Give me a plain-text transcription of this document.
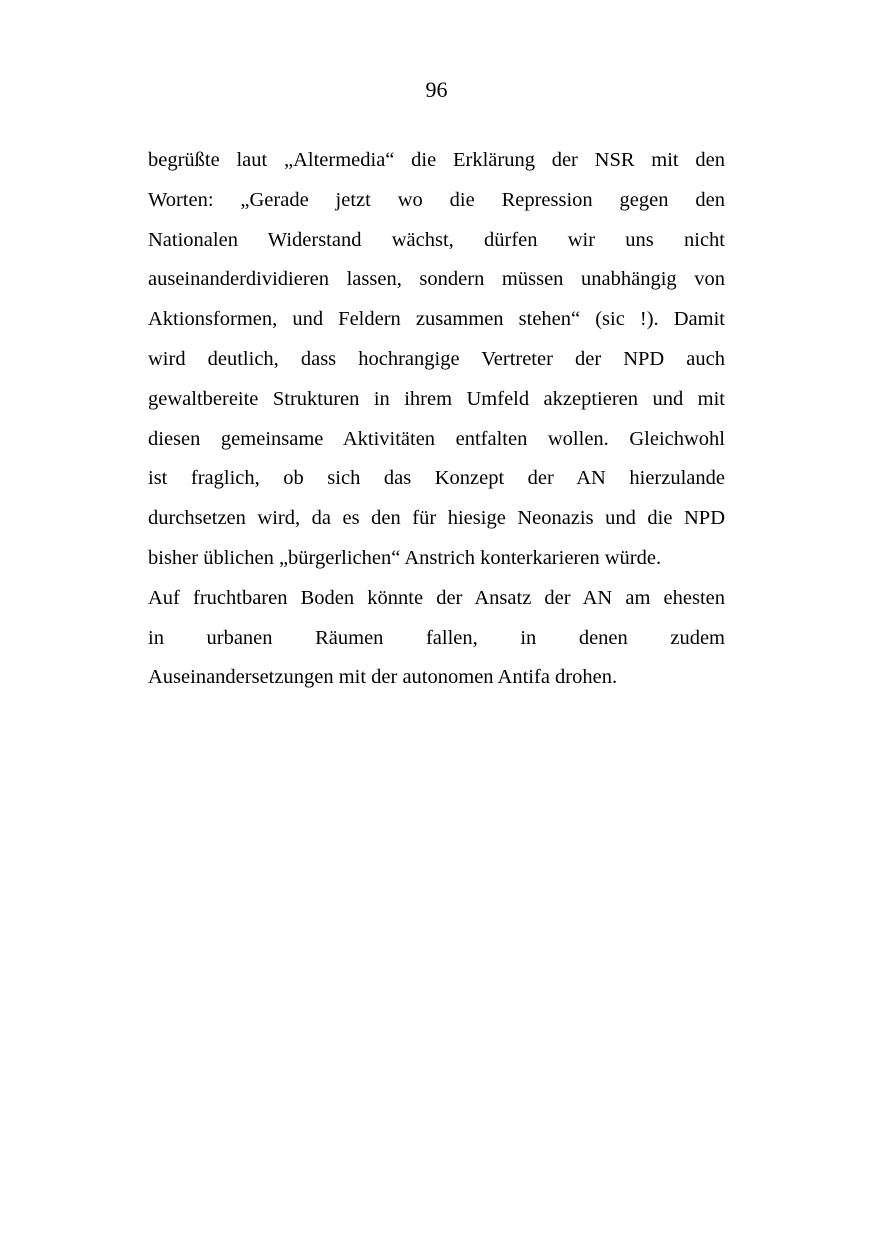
96
begrüßte laut „Altermedia“ die Erklärung der NSR mit den
Worten: „Gerade jetzt wo die Repression gegen den
Nationalen Widerstand wächst, dürfen wir uns nicht
auseinanderdividieren lassen, sondern müssen unabhängig von
Aktionsformen, und Feldern zusammen stehen“ (sic !). Damit
wird deutlich, dass hochrangige Vertreter der NPD auch
gewaltbereite Strukturen in ihrem Umfeld akzeptieren und mit
diesen gemeinsame Aktivitäten entfalten wollen. Gleichwohl
ist fraglich, ob sich das Konzept der AN hierzulande
durchsetzen wird, da es den für hiesige Neonazis und die NPD
bisher üblichen „bürgerlichen“ Anstrich konterkarieren würde.
Auf fruchtbaren Boden könnte der Ansatz der AN am ehesten
in urbanen Räumen fallen, in denen zudem
Auseinandersetzungen mit der autonomen Antifa drohen.
